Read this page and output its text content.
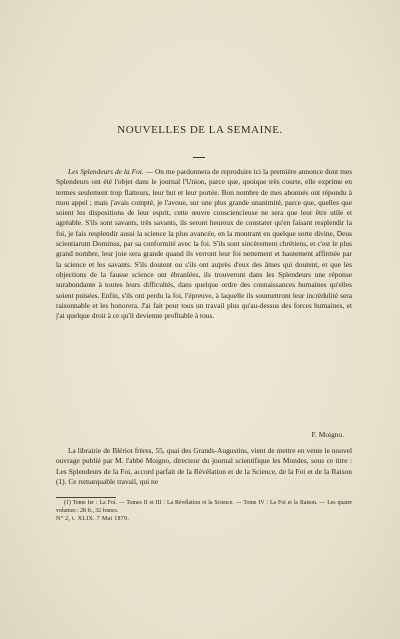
NOUVELLES DE LA SEMAINE.
Les Splendeurs de la Foi. — On me pardonnera de reproduire ici la première annonce dont mes Splendeurs ont été l'objet dans le journal l'Union, parce que, quoique très courte, elle exprime en termes seulement trop flatteurs, leur but et leur portée. Bon nombre de mes abonnés ont répondu à mon appel ; mais j'avais compté, je l'avoue, sur une plus grande unanimité, parce que, quelles que soient les dispositions de leur esprit, cette œuvre consciencieuse ne sera que leur être utile et agréable. S'ils sont savants, très savants, ils seront heureux de constater qu'en faisant resplendir la foi, je fais resplendir aussi la science la plus avancée, en la montrant en quelque sorte divine, Deus scientiarum Dominus, par sa conformité avec la foi. S'ils sont sincèrement chrétiens, et c'est le plus grand nombre, leur joie sera grande quand ils verront leur foi nettement et hautement affirmée par la science et les savants. S'ils doutent ou s'ils ont auprès d'eux des âmes qui doutent, et que les objections de la fausse science ont ébranlées, ils trouveront dans les Splendeurs une réponse surabondante à toutes leurs difficultés, dans quelque ordre des connaissances humaines qu'elles soient puisées. Enfin, s'ils ont perdu la foi, l'épreuve, à laquelle ils soumettront leur incrédulité sera raisonnable et les honorera. J'ai fait pour tous un travail plus qu'au-dessus des forces humaines, et j'ai quelque droit à ce qu'il devienne profitable à tous.
F. Moigno.
La librairie de Blériot frères, 55, quai des Grands-Augustins, vient de mettre en vente le nouvel ouvrage publié par M. l'abbé Moigno, directeur du journal scientifique les Mondes, sous ce titre : Les Splendeurs de la Foi, accord parfait de la Révélation et de la Science, de la Foi et de la Raison (1). Ce remarquable travail, qui ne
(1) Tome Ier : La Foi. — Tomes II et III : La Révélation et la Science. — Tome IV : La Foi et la Raison. — Les quatre volumes : 28 fr., 32 francs.
N° 2, t. XLIX. 7 Mai 1879.
